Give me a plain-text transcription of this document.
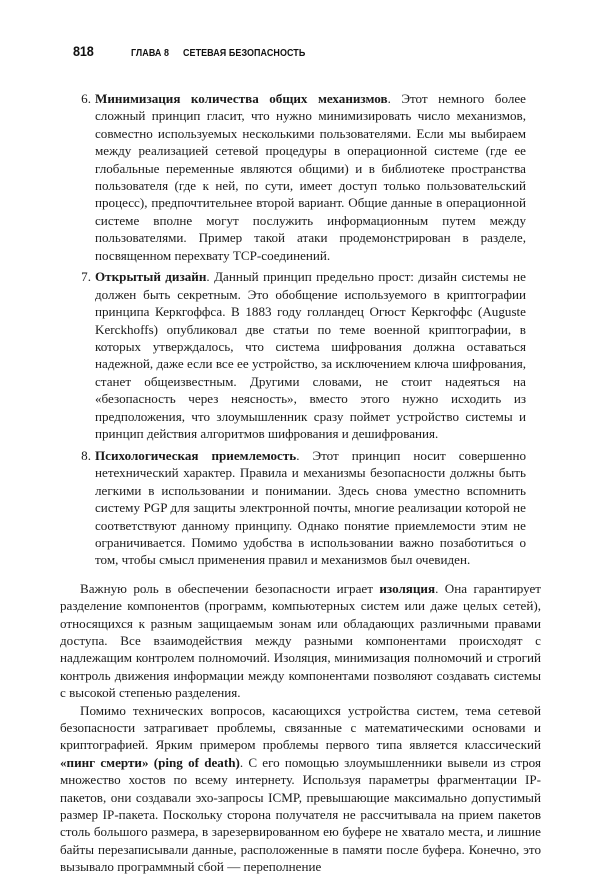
818	ГЛАВА 8 СЕТЕВАЯ БЕЗОПАСНОСТЬ
6. Минимизация количества общих механизмов. Этот немного более сложный принцип гласит, что нужно минимизировать число механизмов, совместно используемых несколькими пользователями. Если мы выбираем между реализацией сетевой процедуры в операционной системе (где ее глобальные переменные являются общими) и в библиотеке пространства пользователя (где к ней, по сути, имеет доступ только пользовательский процесс), предпочтительнее второй вариант. Общие данные в операционной системе вполне могут послужить информационным путем между пользователями. Пример такой атаки продемонстрирован в разделе, посвященном перехвату TCP-соединений.
7. Открытый дизайн. Данный принцип предельно прост: дизайн системы не должен быть секретным. Это обобщение используемого в криптографии принципа Керкгоффса. В 1883 году голландец Огюст Керкгоффс (Auguste Kerckhoffs) опубликовал две статьи по теме военной криптографии, в которых утверждалось, что система шифрования должна оставаться надежной, даже если все ее устройство, за исключением ключа шифрования, станет общеизвестным. Другими словами, не стоит надеяться на «безопасность через неясность», вместо этого нужно исходить из предположения, что злоумышленник сразу поймет устройство системы и принцип действия алгоритмов шифрования и дешифрования.
8. Психологическая приемлемость. Этот принцип носит совершенно нетехнический характер. Правила и механизмы безопасности должны быть легкими в использовании и понимании. Здесь снова уместно вспомнить систему PGP для защиты электронной почты, многие реализации которой не соответствуют данному принципу. Однако понятие приемлемости этим не ограничивается. Помимо удобства в использовании важно позаботиться о том, чтобы смысл применения правил и механизмов был очевиден.

Важную роль в обеспечении безопасности играет изоляция. Она гарантирует разделение компонентов (программ, компьютерных систем или даже целых сетей), относящихся к разным защищаемым зонам или обладающих различными правами доступа. Все взаимодействия между разными компонентами происходят с надлежащим контролем полномочий. Изоляция, минимизация полномочий и строгий контроль движения информации между компонентами позволяют создавать системы с высокой степенью разделения.

Помимо технических вопросов, касающихся устройства систем, тема сетевой безопасности затрагивает проблемы, связанные с математическими основами и криптографией. Ярким примером проблемы первого типа является классический «пинг смерти» (ping of death). С его помощью злоумышленники вывели из строя множество хостов по всему интернету. Используя параметры фрагментации IP-пакетов, они создавали эхо-запросы ICMP, превышающие максимально допустимый размер IP-пакета. Поскольку сторона получателя не рассчитывала на прием пакетов столь большого размера, в зарезервированном ею буфере не хватало места, и лишние байты перезаписывали данные, расположенные в памяти после буфера. Конечно, это вызывало программный сбой — переполнение
